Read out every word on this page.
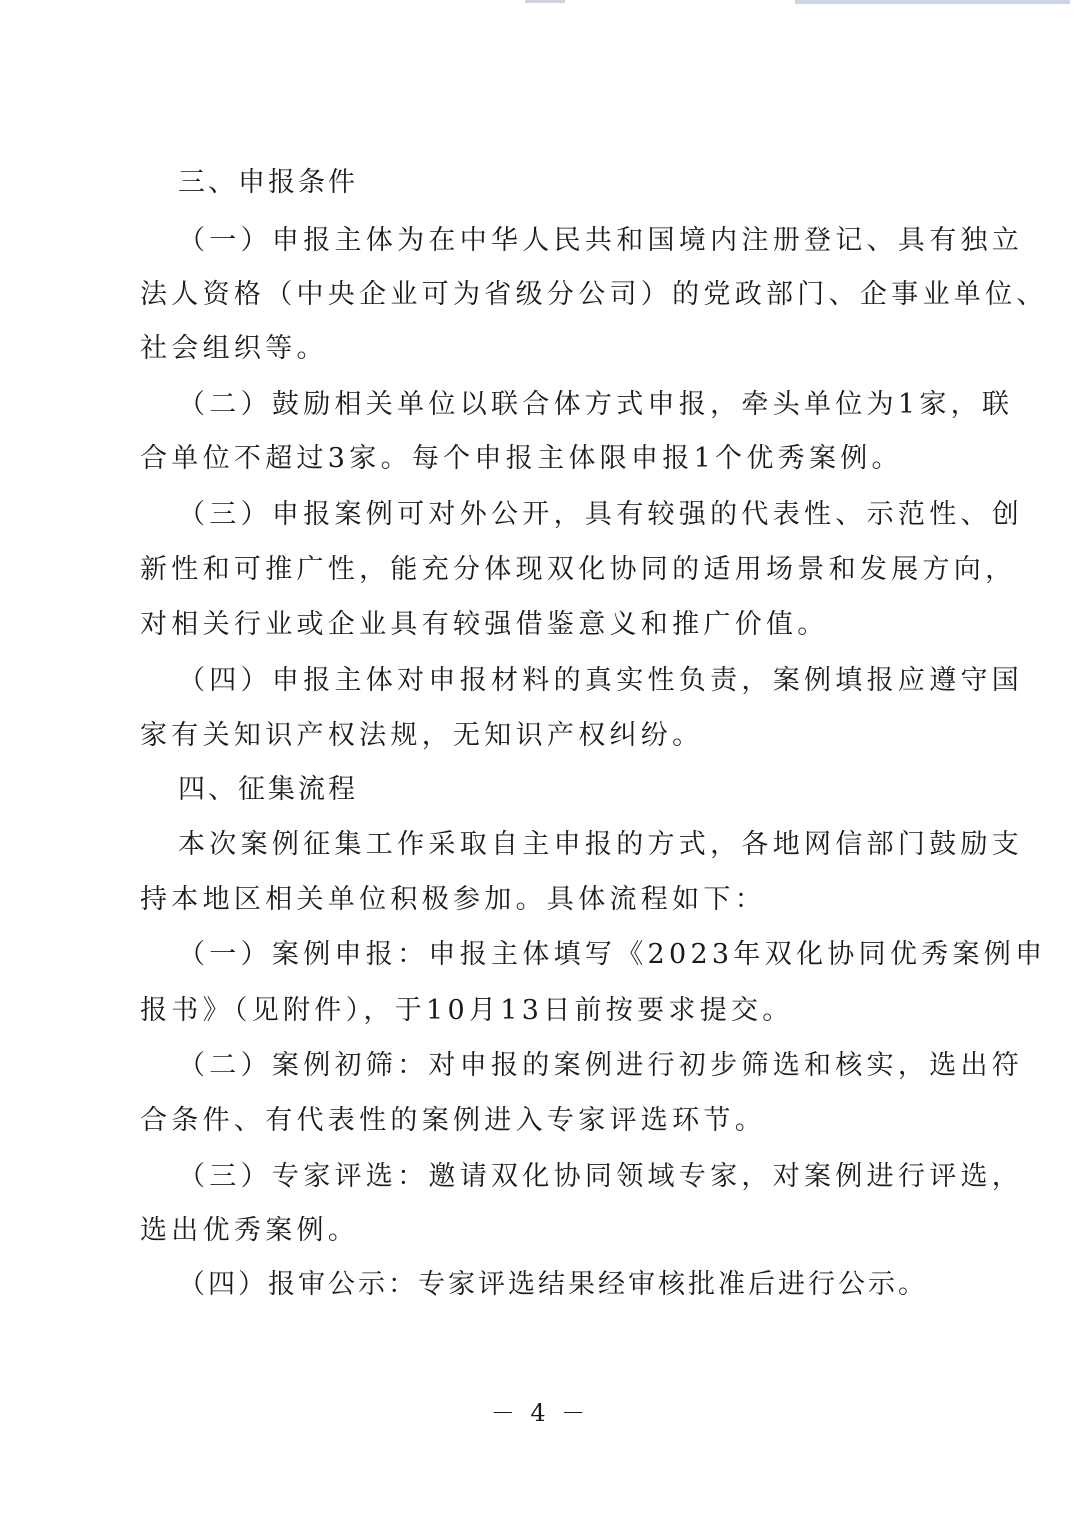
三、申报条件
（一）申报主体为在中华人民共和国境内注册登记、具有独立
法人资格（中央企业可为省级分公司）的党政部门、企事业单位、
社会组织等。
（二）鼓励相关单位以联合体方式申报，牵头单位为1家，联
合单位不超过3家。每个申报主体限申报1个优秀案例。
（三）申报案例可对外公开，具有较强的代表性、示范性、创
新性和可推广性，能充分体现双化协同的适用场景和发展方向，
对相关行业或企业具有较强借鉴意义和推广价值。
（四）申报主体对申报材料的真实性负责，案例填报应遵守国
家有关知识产权法规，无知识产权纠纷。
四、征集流程
本次案例征集工作采取自主申报的方式，各地网信部门鼓励支
持本地区相关单位积极参加。具体流程如下：
（一）案例申报：申报主体填写《2023年双化协同优秀案例申
报书》（见附件），于10月13日前按要求提交。
（二）案例初筛：对申报的案例进行初步筛选和核实，选出符
合条件、有代表性的案例进入专家评选环节。
（三）专家评选：邀请双化协同领域专家，对案例进行评选，
选出优秀案例。
（四）报审公示：专家评选结果经审核批准后进行公示。
－ 4 －
